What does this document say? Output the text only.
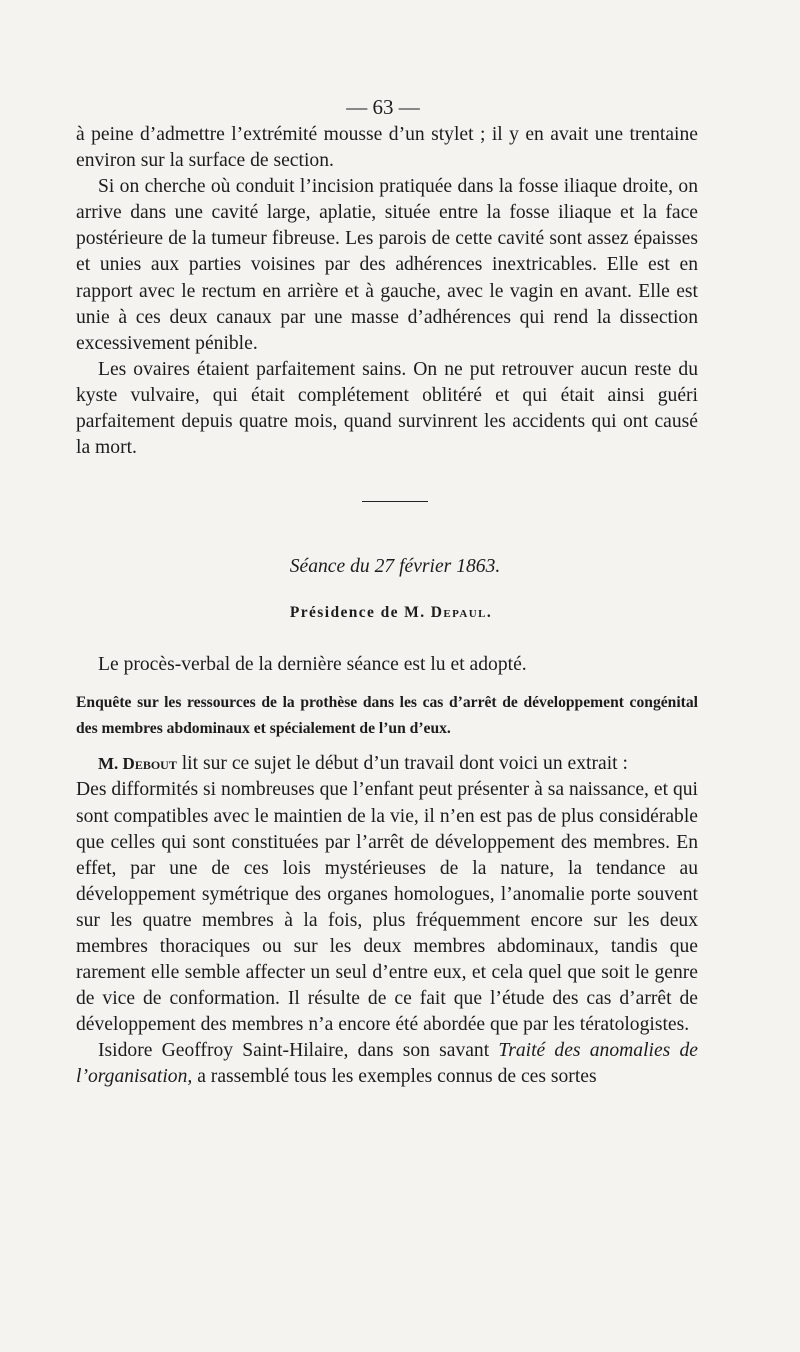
— 63 —

à peine d’admettre l’extrémité mousse d’un stylet ; il y en avait une trentaine environ sur la surface de section.

Si on cherche où conduit l’incision pratiquée dans la fosse iliaque droite, on arrive dans une cavité large, aplatie, située entre la fosse iliaque et la face postérieure de la tumeur fibreuse. Les parois de cette cavité sont assez épaisses et unies aux parties voisines par des adhérences inextricables. Elle est en rapport avec le rectum en arrière et à gauche, avec le vagin en avant. Elle est unie à ces deux canaux par une masse d’adhérences qui rend la dissection excessivement pénible.

Les ovaires étaient parfaitement sains. On ne put retrouver aucun reste du kyste vulvaire, qui était complétement oblitéré et qui était ainsi guéri parfaitement depuis quatre mois, quand survinrent les accidents qui ont causé la mort.

Séance du 27 février 1863.
Présidence de M. Depaul.

Le procès-verbal de la dernière séance est lu et adopté.

Enquête sur les ressources de la prothèse dans les cas d’arrêt de développement congénital des membres abdominaux et spécialement de l’un d’eux.

M. Debout lit sur ce sujet le début d’un travail dont voici un extrait :

Des difformités si nombreuses que l’enfant peut présenter à sa naissance, et qui sont compatibles avec le maintien de la vie, il n’en est pas de plus considérable que celles qui sont constituées par l’arrêt de développement des membres. En effet, par une de ces lois mystérieuses de la nature, la tendance au développement symétrique des organes homologues, l’anomalie porte souvent sur les quatre membres à la fois, plus fréquemment encore sur les deux membres thoraciques ou sur les deux membres abdominaux, tandis que rarement elle semble affecter un seul d’entre eux, et cela quel que soit le genre de vice de conformation. Il résulte de ce fait que l’étude des cas d’arrêt de développement des membres n’a encore été abordée que par les tératologistes.

Isidore Geoffroy Saint-Hilaire, dans son savant Traité des anomalies de l’organisation, a rassemblé tous les exemples connus de ces sortes
